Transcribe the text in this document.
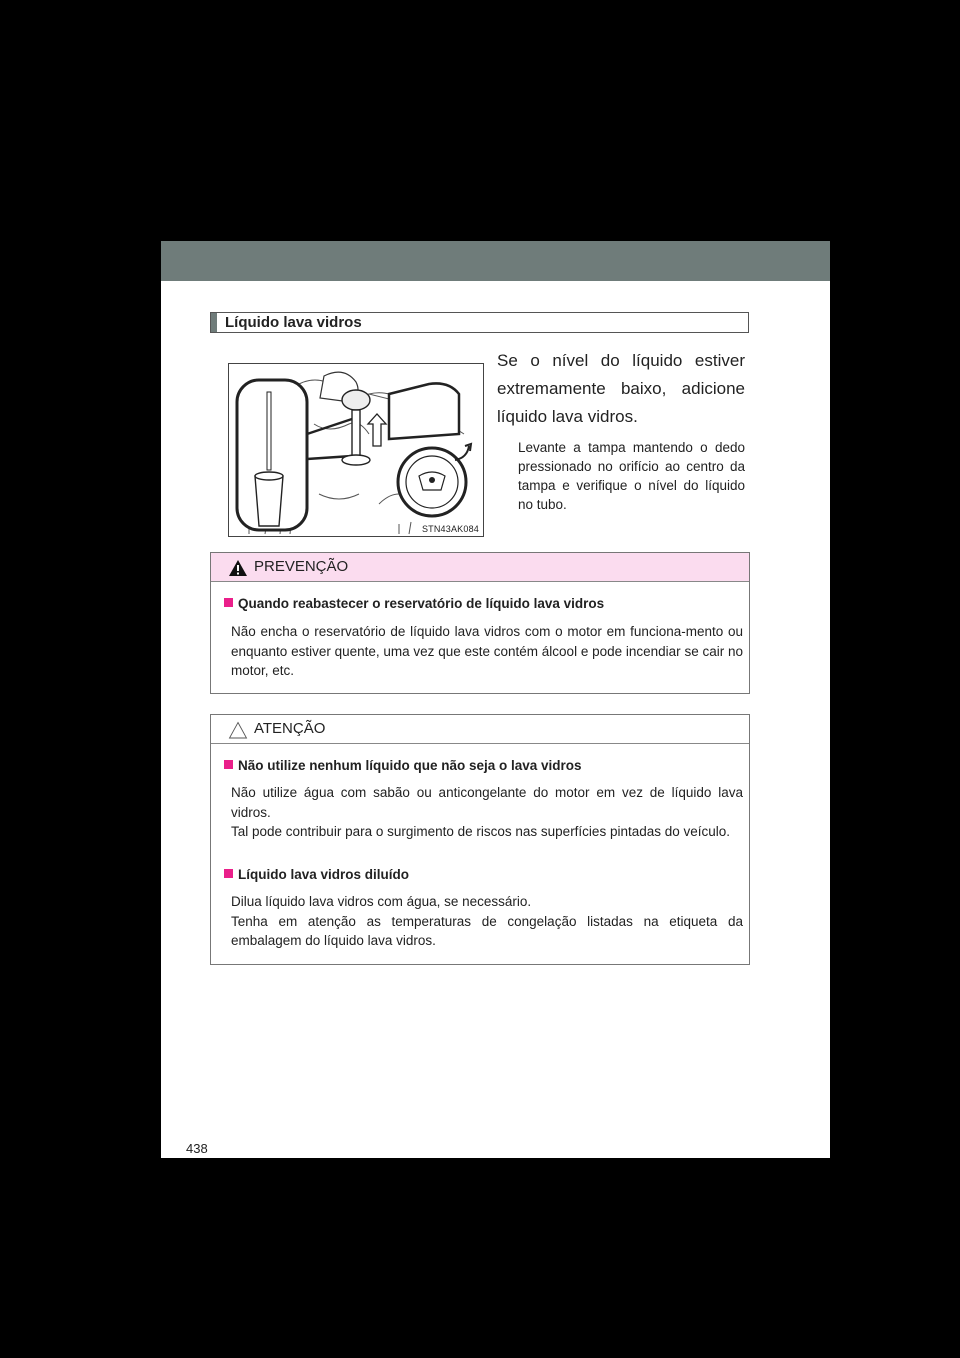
Líquido lava vidros
STN43AK084
Se o nível do líquido estiver extremamente baixo, adicione líquido lava vidros.
Levante a tampa mantendo o dedo pressionado no orifício ao centro da tampa e verifique o nível do líquido no tubo.
PREVENÇÃO
Quando reabastecer o reservatório de líquido lava vidros
Não encha o reservatório de líquido lava vidros com o motor em funciona-mento ou enquanto estiver quente, uma vez que este contém álcool e pode incendiar se cair no motor, etc.
ATENÇÃO
Não utilize nenhum líquido que não seja o lava vidros
Não utilize água com sabão ou anticongelante do motor em vez de líquido lava vidros.
Tal pode contribuir para o surgimento de riscos nas superfícies pintadas do veículo.
Líquido lava vidros diluído
Dilua líquido lava vidros com água, se necessário.
Tenha em atenção as temperaturas de congelação listadas na etiqueta da embalagem do líquido lava vidros.
438
